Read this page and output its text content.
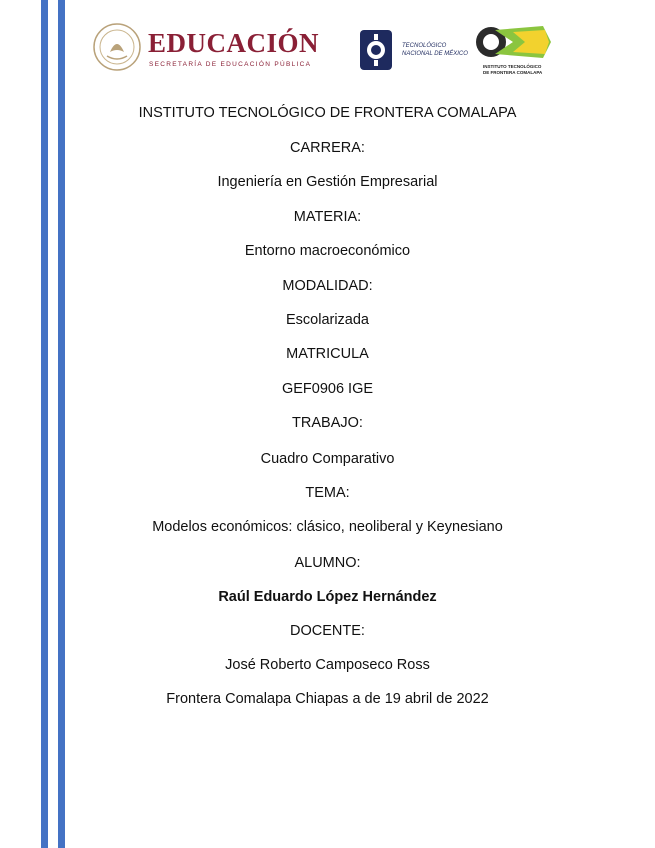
EDUCACIÓN
SECRETARÍA DE EDUCACIÓN PÚBLICA
TECNOLÓGICO
NACIONAL DE MÉXICO
INSTITUTO TECNOLÓGICO
DE FRONTERA COMALAPA
INSTITUTO TECNOLÓGICO DE FRONTERA COMALAPA
CARRERA:
Ingeniería en Gestión Empresarial
MATERIA:
Entorno macroeconómico
MODALIDAD:
Escolarizada
MATRICULA
GEF0906 IGE
TRABAJO:
Cuadro Comparativo
TEMA:
Modelos económicos: clásico, neoliberal y Keynesiano
ALUMNO:
Raúl Eduardo López Hernández
DOCENTE:
José Roberto Camposeco Ross
Frontera Comalapa Chiapas a de 19 abril de 2022
